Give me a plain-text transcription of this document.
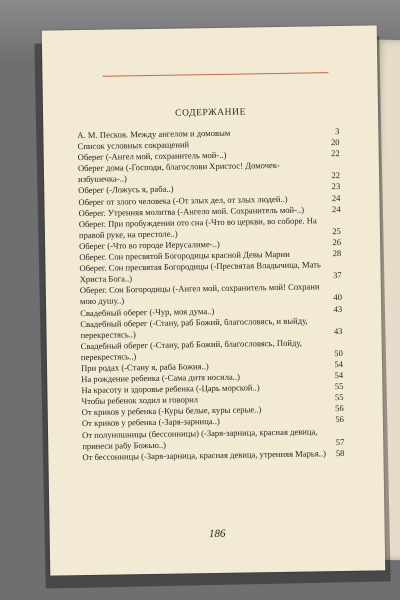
СОДЕРЖАНИЕ
А. М. Песков. Между ангелом и домовым	3
Список условных сокращений	20
Оберег (-Ангел мой, сохранитель мой-..)	22
Оберег дома (-Господи, благослови Христос! Домочек-избушечка-..)	22
Оберег (-Ложусь я, раба..)	23
Оберег от злого человека (-От злых дел, от злых людей..)	24
Оберег. Утренняя молитва (-Ангело мой. Сохранитель мой-..)	24
Оберег. При пробуждении ото сна (-Что во церкви, во соборе. На правой руке, на престоле..)	25
Оберег (-Что во городе Иерусалиме-..)	26
Оберег. Сон пресвятой Богородицы красной Девы Марии	28
Оберег. Сон пресвятая Богородицы (-Пресвятая Владычица, Мать Христа Бога..)	37
Оберег. Сон Богородицы (-Ангел мой, сохранитель мой! Сохрани мою душу..)	40
Свадебный оберег (-Чур, моя дума..)	43
Свадебный оберег (-Стану, раб Божий, благословясь, и выйду, перекрестясь..)	43
Свадебный оберег (-Стану, раб Божий, благословясь, Пойду, перекрестясь..)	50
При родах (-Стану я, раба Божия..)	54
На рождение ребенка (-Сама дитя носила..)	54
На красоту и здоровье ребенка (-Царь морской..)	55
Чтобы ребенок ходил и говорил	55
От криков у ребенка (-Куры белые, куры серые..)	56
От криков у ребенка (-Заря-зарница..)	56
От полуношницы (бессонницы) (-Заря-зарница, красная девица, принеси рабу Божью..)	57
От бессонницы (-Заря-зарница, красная девица, утренняя Марья..)	58
186
